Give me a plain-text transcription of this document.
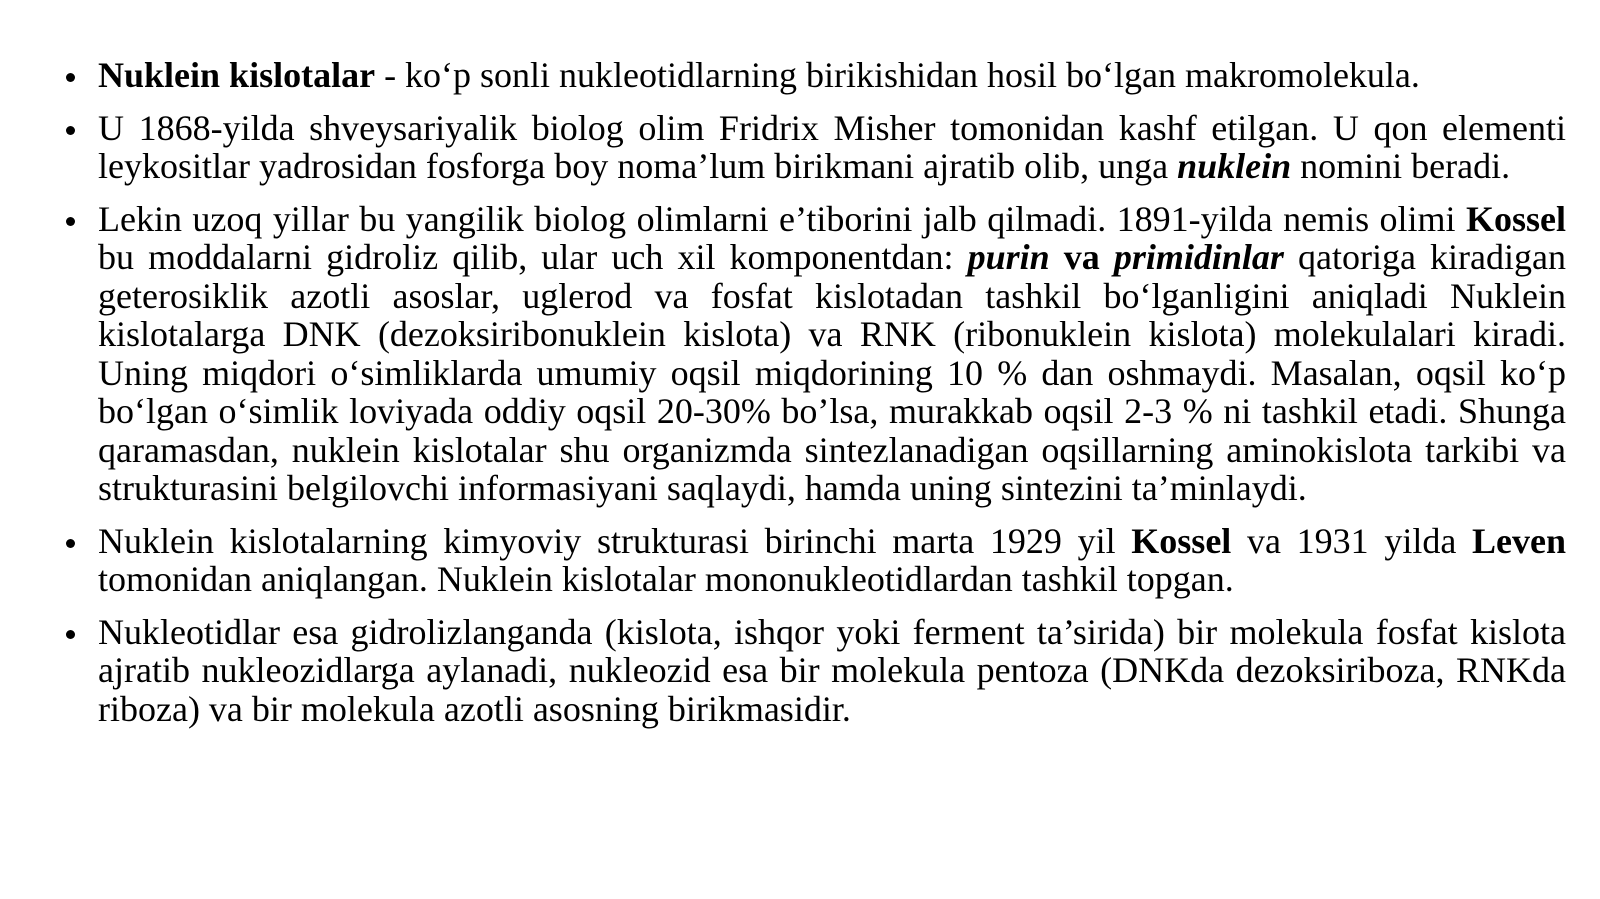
Nuklein kislotalar - ko‘p sonli nukleotidlarning birikishidan hosil bo‘lgan makromolekula.

U 1868-yilda shveysariyalik biolog olim Fridrix Misher tomonidan kashf etilgan. U qon elementi leykositlar yadrosidan fosforga boy noma’lum birikmani ajratib olib, unga nuklein nomini beradi.

Lekin uzoq yillar bu yangilik biolog olimlarni e’tiborini jalb qilmadi. 1891-yilda nemis olimi Kossel bu moddalarni gidroliz qilib, ular uch xil komponentdan: purin va primidinlar qatoriga kiradigan geterosiklik azotli asoslar, uglerod va fosfat kislotadan tashkil bo‘lganligini aniqladi Nuklein kislotalarga DNK (dezoksiribonuklein kislota) va RNK (ribonuklein kislota) molekulalari kiradi. Uning miqdori o‘simliklarda umumiy oqsil miqdorining 10 % dan oshmaydi. Masalan, oqsil ko‘p bo‘lgan o‘simlik loviyada oddiy oqsil 20-30% bo’lsa, murakkab oqsil 2-3 % ni tashkil etadi. Shunga qaramasdan, nuklein kislotalar shu organizmda sintezlanadigan oqsillarning aminokislota tarkibi va strukturasini belgilovchi informasiyani saqlaydi, hamda uning sintezini ta’minlaydi.

Nuklein kislotalarning kimyoviy strukturasi birinchi marta 1929 yil Kossel va 1931 yilda Leven tomonidan aniqlangan. Nuklein kislotalar mononukleotidlardan tashkil topgan.

Nukleotidlar esa gidrolizlanganda (kislota, ishqor yoki ferment ta’sirida) bir molekula fosfat kislota ajratib nukleozidlarga aylanadi, nukleozid esa bir molekula pentoza (DNKda dezoksiriboza, RNKda riboza) va bir molekula azotli asosning birikmasidir.
